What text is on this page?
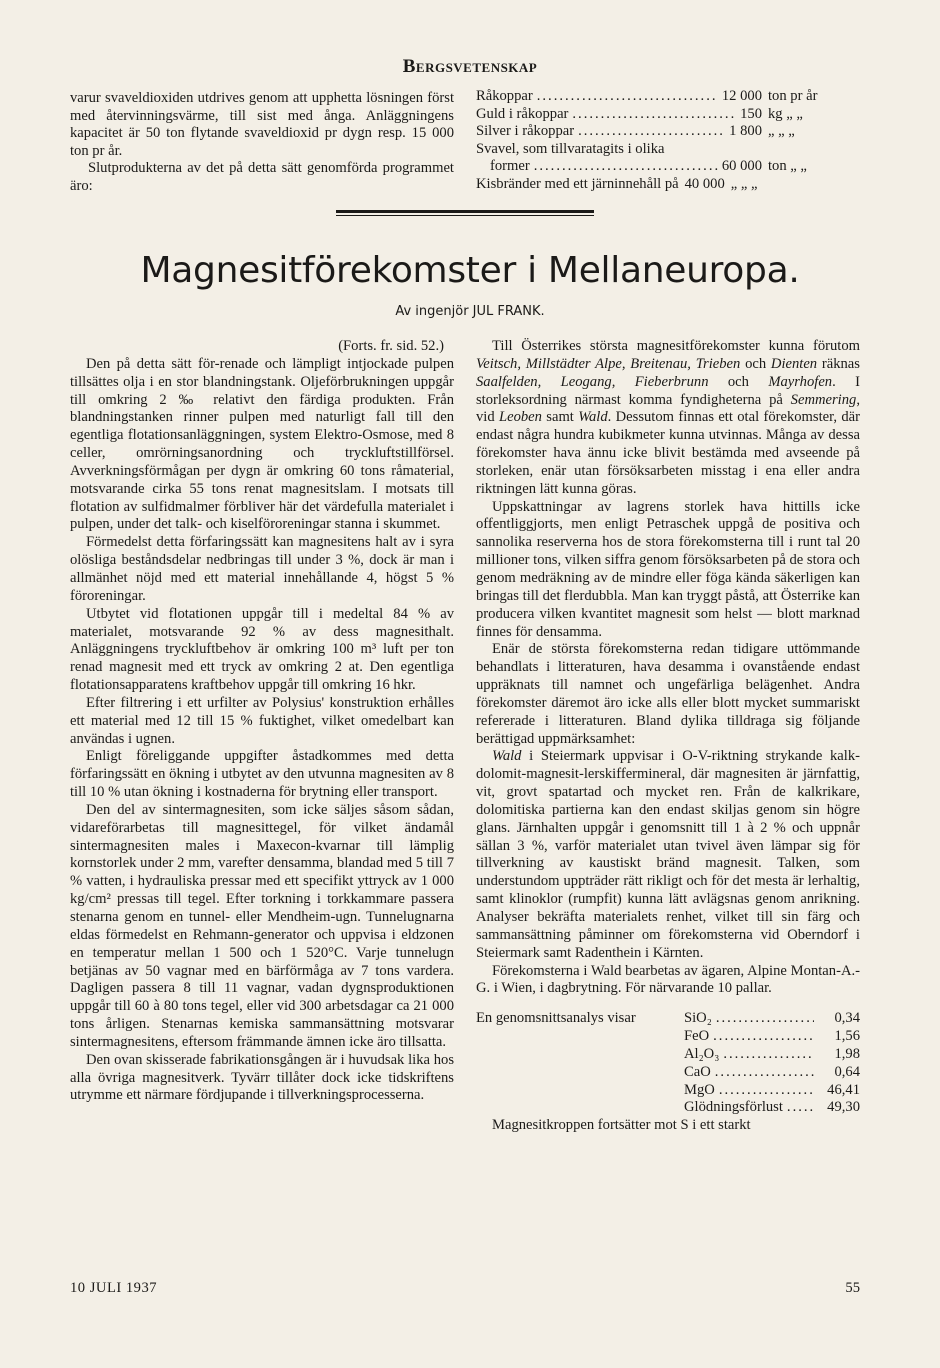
Bergsvetenskap

varur svaveldioxiden utdrives genom att upphetta lösningen först med återvinningsvärme, till sist med ånga. Anläggningens kapacitet är 50 ton flytande svaveldioxid pr dygn resp. 15 000 ton pr år.

Slutprodukterna av det på detta sätt genomförda programmet äro:

Råkoppar .....	12 000 ton pr år
Guld i råkoppar .....	150 kg „ „
Silver i råkoppar .....	1 800 „ „ „
Svavel, som tillvaratagits i olika
former .....	60 000 ton „ „
Kisbränder med ett järninnehåll på 40 000 „ „ „
Magnesitförekomster i Mellaneuropa.
Av ingenjör JUL FRANK.
(Forts. fr. sid. 52.)

Den på detta sätt för-renade och lämpligt intjockade pulpen tillsättes olja i en stor blandningstank. Oljeförbrukningen uppgår till omkring 2 ‰ relativt den färdiga produkten. Från blandningstanken rinner pulpen med naturligt fall till den egentliga flotationsanläggningen, system Elektro-Osmose, med 8 celler, omrörningsanordning och tryckluftstillförsel. Avverkningsförmågan per dygn är omkring 60 tons råmaterial, motsvarande cirka 55 tons renat magnesitslam. I motsats till flotation av sulfidmalmer förbliver här det värdefulla materialet i pulpen, under det talk- och kiselföroreningar stanna i skummet.

Förmedelst detta förfaringssätt kan magnesitens halt av i syra olösliga beståndsdelar nedbringas till under 3 %, dock är man i allmänhet nöjd med ett material innehållande 4, högst 5 % föroreningar.

Utbytet vid flotationen uppgår till i medeltal 84 % av materialet, motsvarande 92 % av dess magnesithalt. Anläggningens tryckluftbehov är omkring 100 m³ luft per ton renad magnesit med ett tryck av omkring 2 at. Den egentliga flotationsapparatens kraftbehov uppgår till omkring 16 hkr.

Efter filtrering i ett urfilter av Polysius' konstruktion erhålles ett material med 12 till 15 % fuktighet, vilket omedelbart kan användas i ugnen.

Enligt föreliggande uppgifter åstadkommes med detta förfaringssätt en ökning i utbytet av den utvunna magnesiten av 8 till 10 % utan ökning i kostnaderna för brytning eller transport.

Den del av sintermagnesiten, som icke säljes såsom sådan, vidareförarbetas till magnesittegel, för vilket ändamål sintermagnesiten males i Maxecon-kvarnar till lämplig kornstorlek under 2 mm, varefter densamma, blandad med 5 till 7 % vatten, i hydrauliska pressar med ett specifikt yttryck av 1 000 kg/cm² pressas till tegel. Efter torkning i torkkammare passera stenarna genom en tunnel- eller Mendheim-ugn. Tunnelugnarna eldas förmedelst en Rehmann-generator och uppvisa i eldzonen en temperatur mellan 1 500 och 1 520°C. Varje tunnelugn betjänas av 50 vagnar med en bärförmåga av 7 tons vardera. Dagligen passera 8 till 11 vagnar, vadan dygnsproduktionen uppgår till 60 à 80 tons tegel, eller vid 300 arbetsdagar ca 21 000 tons årligen. Stenarnas kemiska sammansättning motsvarar sintermagnesitens, eftersom främmande ämnen icke äro tillsatta.

Den ovan skisserade fabrikationsgången är i huvudsak lika hos alla övriga magnesitverk. Tyvärr tillåter dock icke tidskriftens utrymme ett närmare fördjupande i tillverkningsprocesserna.

Till Österrikes största magnesitförekomster kunna förutom Veitsch, Millstädter Alpe, Breitenau, Trieben och Dienten räknas Saalfelden, Leogang, Fieberbrunn och Mayrhofen. I storleksordning närmast komma fyndigheterna på Semmering, vid Leoben samt Wald. Dessutom finnas ett otal förekomster, där endast några hundra kubikmeter kunna utvinnas. Många av dessa förekomster hava ännu icke blivit bestämda med avseende på storleken, enär utan försöksarbeten misstag i ena eller andra riktningen lätt kunna göras.

Uppskattningar av lagrens storlek hava hittills icke offentliggjorts, men enligt Petraschek uppgå de positiva och sannolika reserverna hos de stora förekomsterna till i runt tal 20 millioner tons, vilken siffra genom försöksarbeten på de stora och genom medräkning av de mindre eller föga kända säkerligen kan bringas till det flerdubbla. Man kan tryggt påstå, att Österrike kan producera vilken kvantitet magnesit som helst — blott marknad finnes för densamma.

Enär de största förekomsterna redan tidigare uttömmande behandlats i litteraturen, hava desamma i ovanstående endast uppräknats till namnet och ungefärliga belägenhet. Andra förekomster däremot äro icke alls eller blott mycket summariskt refererade i litteraturen. Bland dylika tilldraga sig följande berättigad uppmärksamhet:

Wald i Steiermark uppvisar i O-V-riktning strykande kalk-dolomit-magnesit-lerskiffermineral, där magnesiten är järnfattig, vit, grovt spatartad och mycket ren. Från de kalkrikare, dolomitiska partierna kan den endast skiljas genom sin högre glans. Järnhalten uppgår i genomsnitt till 1 à 2 % och uppnår sällan 3 %, varför materialet utan tvivel även lämpar sig för tillverkning av kaustiskt bränd magnesit. Talken, som understundom uppträder rätt rikligt och för det mesta är lerhaltig, samt klinoklor (rumpfit) kunna lätt avlägsnas genom anrikning. Analyser bekräfta materialets renhet, vilket till sin färg och sammansättning påminner om förekomsterna vid Oberndorf i Steiermark samt Radenthein i Kärnten.

Förekomsterna i Wald bearbetas av ägaren, Alpine Montan-A.-G. i Wien, i dagbrytning. För närvarande 10 pallar.

En genomsnittsanalys visar	SiO₂ .....	0,34
FeO .....	1,56
Al₂O₃ .....	1,98
CaO .....	0,64
MgO .....	46,41
Glödningsförlust .....	49,30

Magnesitkroppen fortsätter mot S i ett starkt

10 JULI 1937	55
